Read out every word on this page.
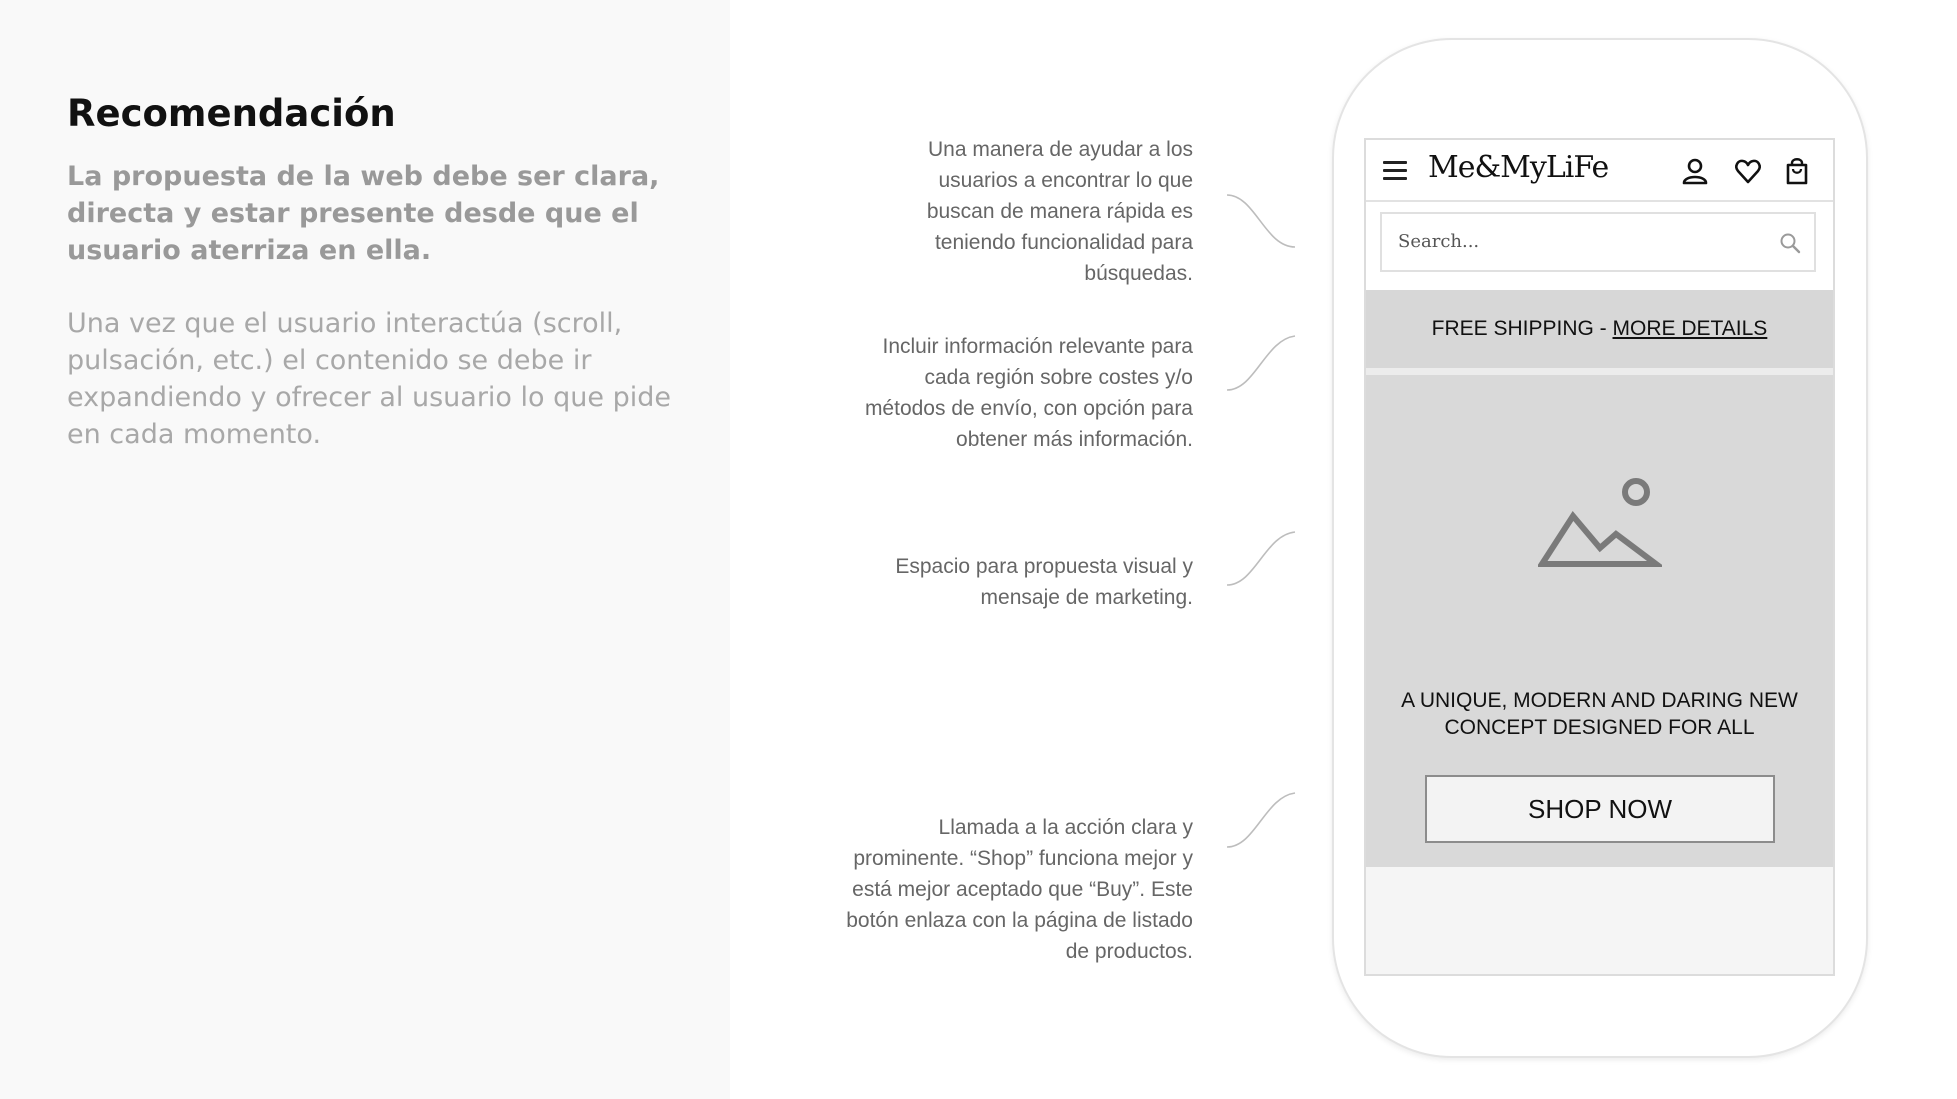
Recomendación

La propuesta de la web debe ser clara, directa y estar presente desde que el usuario aterriza en ella.

Una vez que el usuario interactúa (scroll, pulsación, etc.) el contenido se debe ir expandiendo y ofrecer al usuario lo que pide en cada momento.

Una manera de ayudar a los usuarios a encontrar lo que buscan de manera rápida es teniendo funcionalidad para búsquedas.

Incluir información relevante para cada región sobre costes y/o métodos de envío, con opción para obtener más información.

Espacio para propuesta visual y mensaje de marketing.

Llamada a la acción clara y prominente. “Shop” funciona mejor y está mejor aceptado que “Buy”. Este botón enlaza con la página de listado de productos.

Me&MyLiFe
Search...
FREE SHIPPING - MORE DETAILS

A UNIQUE, MODERN AND DARING NEW CONCEPT DESIGNED FOR ALL

SHOP NOW
